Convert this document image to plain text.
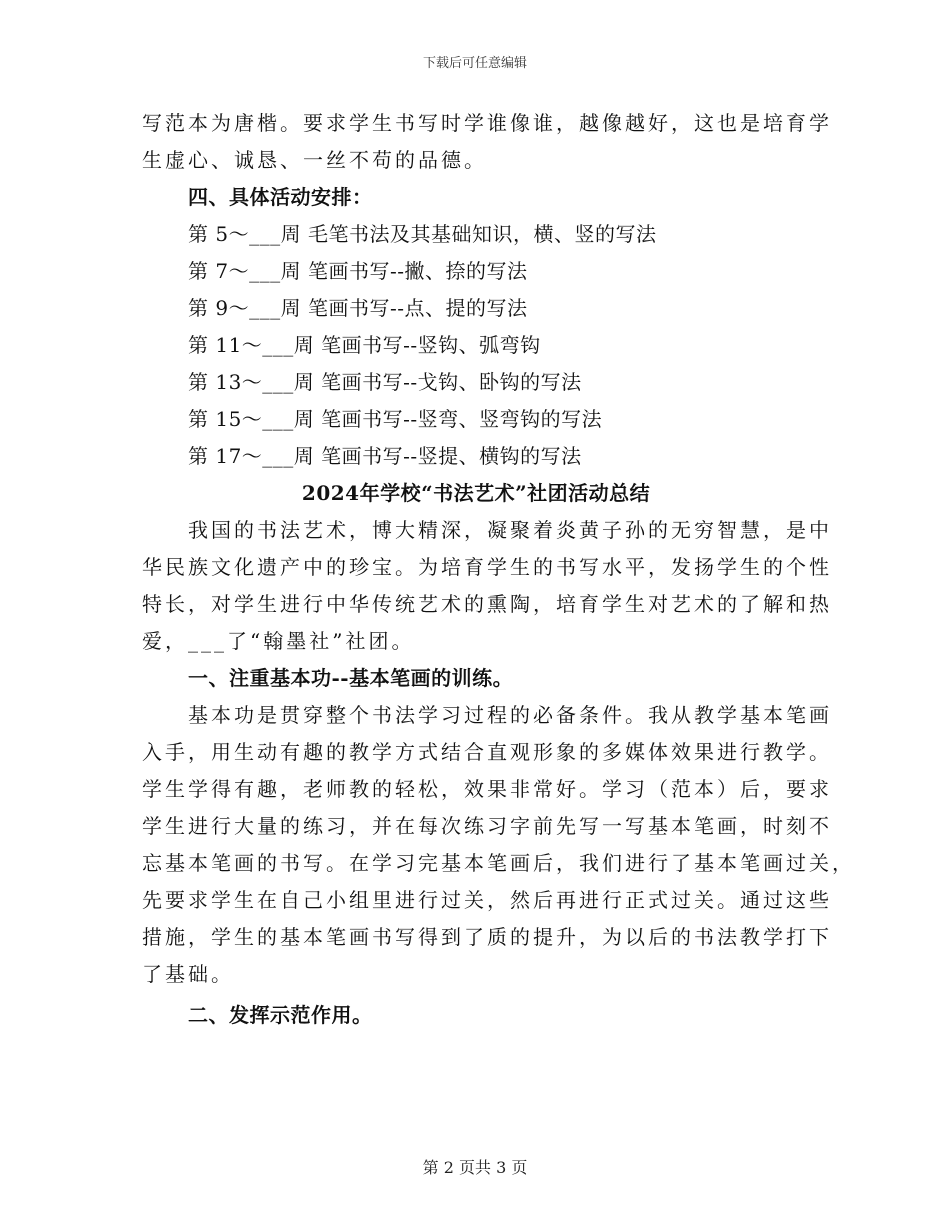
下载后可任意编辑
写范本为唐楷。要求学生书写时学谁像谁，越像越好，这也是培育学
生虚心、诚恳、一丝不苟的品德。
四、具体活动安排：
第 5～___周 毛笔书法及其基础知识，横、竖的写法
第 7～___周 笔画书写--撇、捺的写法
第 9～___周 笔画书写--点、提的写法
第 11～___周 笔画书写--竖钩、弧弯钩
第 13～___周 笔画书写--戈钩、卧钩的写法
第 15～___周 笔画书写--竖弯、竖弯钩的写法
第 17～___周 笔画书写--竖提、横钩的写法
2024年学校“书法艺术”社团活动总结
我国的书法艺术，博大精深，凝聚着炎黄子孙的无穷智慧，是中
华民族文化遗产中的珍宝。为培育学生的书写水平，发扬学生的个性
特长，对学生进行中华传统艺术的熏陶，培育学生对艺术的了解和热
爱，___了“翰墨社”社团。
一、注重基本功--基本笔画的训练。
基本功是贯穿整个书法学习过程的必备条件。我从教学基本笔画
入手，用生动有趣的教学方式结合直观形象的多媒体效果进行教学。
学生学得有趣，老师教的轻松，效果非常好。学习（范本）后，要求
学生进行大量的练习，并在每次练习字前先写一写基本笔画，时刻不
忘基本笔画的书写。在学习完基本笔画后，我们进行了基本笔画过关，
先要求学生在自己小组里进行过关，然后再进行正式过关。通过这些
措施，学生的基本笔画书写得到了质的提升，为以后的书法教学打下
了基础。
二、发挥示范作用。
第 2 页共 3 页
